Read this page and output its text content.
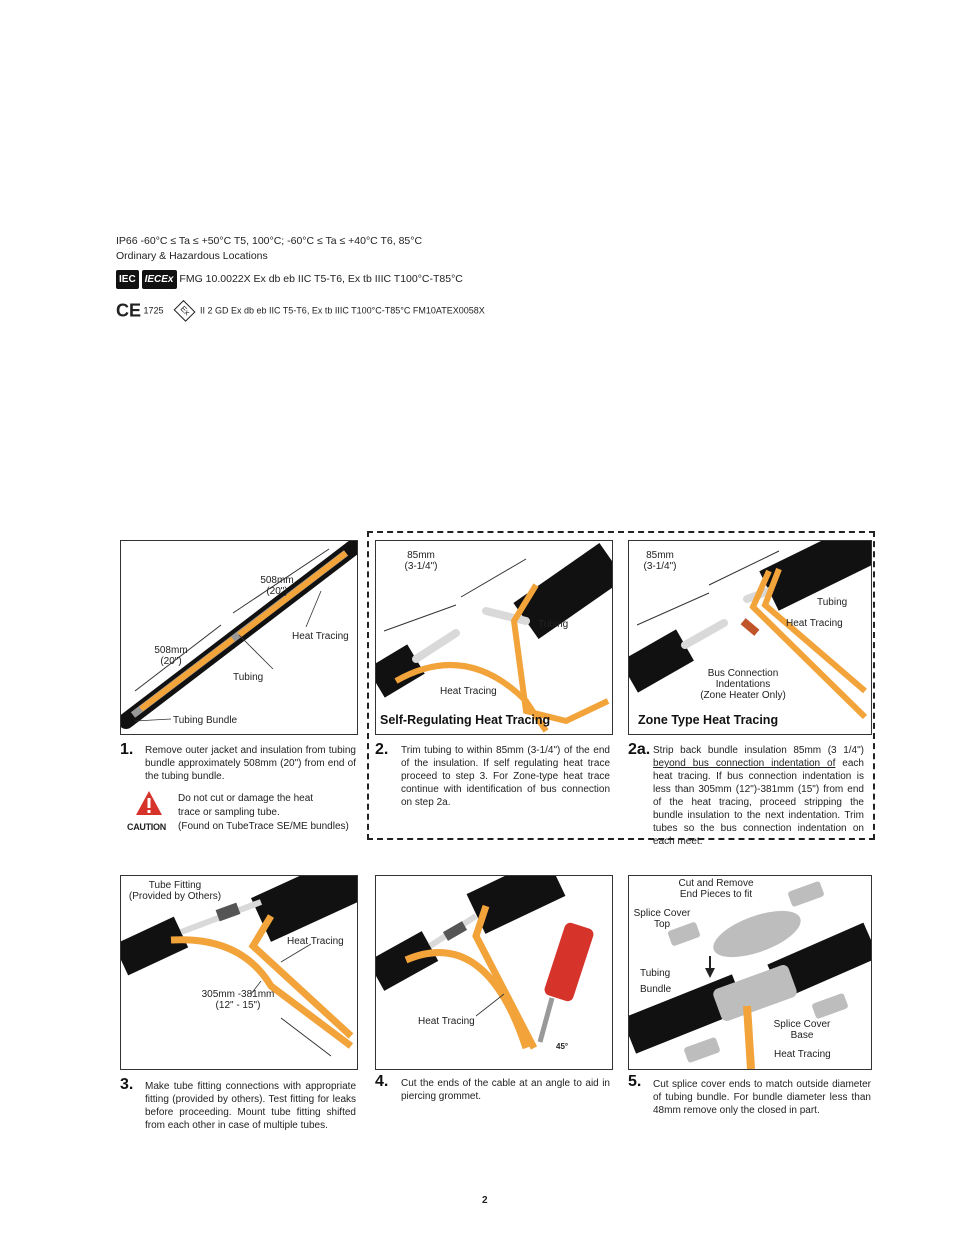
IP66 -60°C ≤ Ta ≤ +50°C T5, 100°C; -60°C ≤ Ta ≤ +40°C T6, 85°C
Ordinary & Hazardous Locations
IEC IECEx FMG 10.0022X Ex db eb IIC T5-T6, Ex tb IIIC T100°C-T85°C
CE 1725 Ex II 2 GD Ex db eb IIC T5-T6, Ex tb IIIC T100°C-T85°C FM10ATEX0058X
508mm
(20")
508mm
(20")
Heat Tracing
Tubing
Tubing Bundle
85mm
(3-1/4")
Tubing
Heat Tracing
Self-Regulating Heat Tracing
85mm
(3-1/4")
Tubing
Heat Tracing
Bus Connection
Indentations
(Zone Heater Only)
Zone Type Heat Tracing
1. Remove outer jacket and insulation from tubing bundle approximately 508mm (20") from end of the tubing bundle.
CAUTION
Do not cut or damage the heat
trace or sampling tube.
(Found on TubeTrace SE/ME bundles)
2. Trim tubing to within 85mm (3-1/4") of the end of the insulation. If self regulating heat trace proceed to step 3. For Zone-type heat trace continue with identification of bus connection on step 2a.
2a. Strip back bundle insulation 85mm (3 1/4") beyond bus connection indentation of each heat tracing. If bus connection indentation is less than 305mm (12")-381mm (15") from end of the heat tracing, proceed stripping the bundle insulation to the next indentation. Trim tubes so the bus connection indentation on each meet.
Tube Fitting
(Provided by Others)
Heat Tracing
305mm -381mm
(12" - 15")
Heat Tracing
45°
Cut and Remove
End Pieces to fit
Splice Cover
Top
Tubing
Bundle
Splice Cover
Base
Heat Tracing
3. Make tube fitting connections with appropriate fitting (provided by others). Test fitting for leaks before proceeding. Mount tube fitting shifted from each other in case of multiple tubes.
4. Cut the ends of the cable at an angle to aid in piercing grommet.
5. Cut splice cover ends to match outside diameter of tubing bundle. For bundle diameter less than 48mm remove only the closed in part.
2
